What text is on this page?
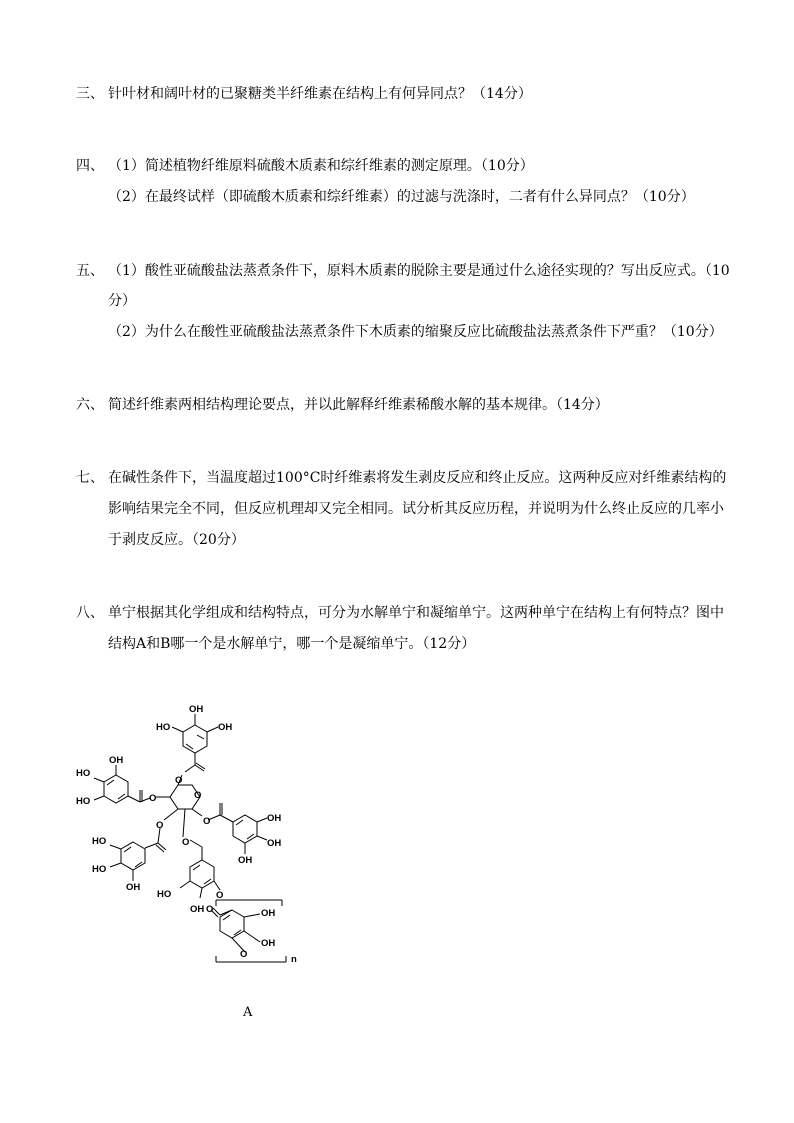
三、 针叶材和阔叶材的已聚糖类半纤维素在结构上有何异同点？（14分）
四、 （1）简述植物纤维原料硫酸木质素和综纤维素的测定原理。（10分）
（2）在最终试样（即硫酸木质素和综纤维素）的过滤与洗涤时，二者有什么异同点？（10分）
五、 （1）酸性亚硫酸盐法蒸煮条件下，原料木质素的脱除主要是通过什么途径实现的？写出反应式。（10
分）
（2）为什么在酸性亚硫酸盐法蒸煮条件下木质素的缩聚反应比硫酸盐法蒸煮条件下严重？（10分）
六、 简述纤维素两相结构理论要点，并以此解释纤维素稀酸水解的基本规律。（14分）
七、 在碱性条件下，当温度超过100°C时纤维素将发生剥皮反应和终止反应。这两种反应对纤维素结构的
影响结果完全不同，但反应机理却又完全相同。试分析其反应历程，并说明为什么终止反应的几率小
于剥皮反应。（20分）
八、 单宁根据其化学组成和结构特点，可分为水解单宁和凝缩单宁。这两种单宁在结构上有何特点？图中
结构A和B哪一个是水解单宁，哪一个是凝缩单宁。（12分）
OH
OH
HO
O
O
OH
HO
HO	O
O
O
O
OH
OH
OH
HO
HO
OH
HO
OH
O
O	OH
OH
O	n
A
